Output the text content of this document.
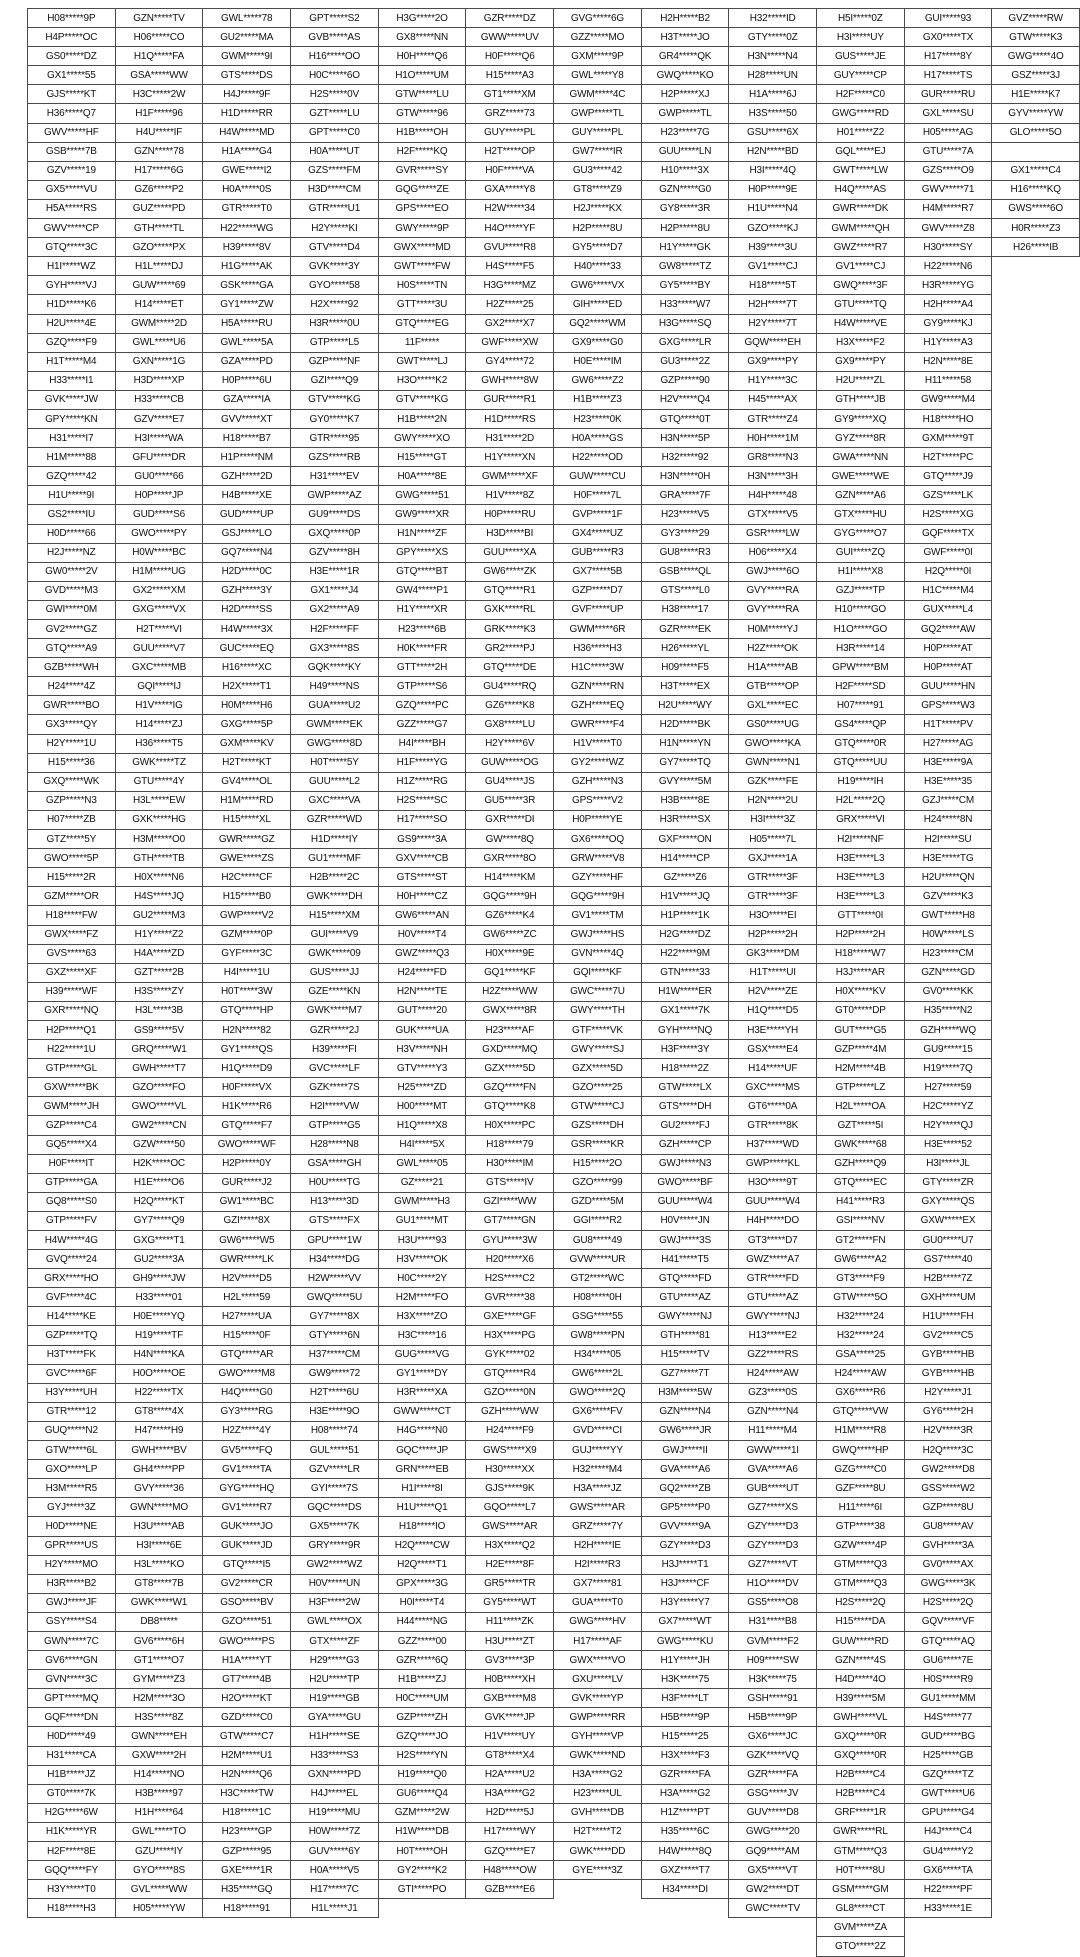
H08*****9P	GZN*****TV	GWL*****78	GPT*****S2	H3G*****2O	GZR*****DZ	GVG*****6G	H2H*****B2	H32*****ID	H5I*****0Z	GUI*****93	GVZ*****RW
H4P*****OC	H06*****CO	GU2*****MA	GVB*****AS	GX8*****NN	GWW*****UV	GZZ*****MO	H3T*****JO	GTY*****0Z	H3I*****UY	GX0*****TX	GTW*****K3
GS0*****DZ	H1Q*****FA	GWM*****9I	H16*****OO	H0H*****Q6	H0F*****Q6	GXM*****9P	GR4*****QK	H3N*****N4	GUS*****JE	H17*****8Y	GWG*****4O
GX1*****55	GSA*****WW	GTS*****DS	H0C*****6O	H1O*****UM	H15*****A3	GWL*****Y8	GWQ*****KO	H28*****UN	GUY*****CP	H17*****TS	GSZ*****3J
GJS*****KT	H3C*****2W	H4J*****9F	H2S*****0V	GTW*****LU	GT1*****XM	GWM*****4C	H2P*****XJ	H1A*****6J	H2F*****C0	GUR*****RU	H1E*****K7
H36*****Q7	H1F*****96	H1D*****RR	GZT*****LU	GTW*****96	GRZ*****73	GWP*****TL	GWP*****TL	H3S*****50	GWG*****RD	GXL*****SU	GYV*****YW
GWV*****HF	H4U*****IF	H4W*****MD	GPT*****C0	H1B*****OH	GUY*****PL	GUY*****PL	H23*****7G	GSU*****6X	H01*****Z2	H05*****AG	GLO*****5O
GSB*****7B	GZN*****78	H1A*****G4	H0A*****UT	H2F*****KQ	H2T*****OP	GW7*****IR	GUU*****LN	H2N*****BD	GQL*****EJ	GTU*****7A	
GZV*****19	H17*****6G	GWE*****I2	GZS*****FM	GVR*****SY	H0F*****VA	GU3*****42	H10*****3X	H3I*****4Q	GWT*****LW	GZS*****O9	GX1*****C4
GX5*****VU	GZ6*****P2	H0A*****0S	H3D*****CM	GQG*****ZE	GXA*****Y8	GT8*****Z9	GZN*****G0	H0P*****9E	H4Q*****AS	GWV*****71	H16*****KQ
H5A*****RS	GUZ*****PD	GTR*****T0	GTR*****U1	GPS*****EO	H2W*****34	H2J*****KX	GY8*****3R	H1U*****N4	GWR*****DK	H4M*****R7	GWS*****6O
GWV*****CP	GTH*****TL	H22*****WG	H2Y*****KI	GWY*****9P	H4O*****YF	H2P*****8U	H2P*****8U	GZO*****KJ	GWM*****QH	GWV*****Z8	H0R*****Z3
GTQ*****3C	GZO*****PX	H39*****8V	GTV*****D4	GWX*****MD	GVU*****R8	GY5*****D7	H1Y*****GK	H39*****3U	GWZ*****R7	H30*****SY	H26*****IB
H1I*****WZ	H1L*****DJ	H1G*****AK	GVK*****3Y	GWT*****FW	H4S*****F5	H40*****33	GW8*****TZ	GV1*****CJ	GV1*****CJ	H22*****N6	
GYH*****VJ	GUW*****69	GSK*****GA	GYO*****58	H0S*****TN	H3G*****MZ	GW6*****VX	GY5*****BY	H18*****5T	GWQ*****3F	H3R*****YG	
H1D*****K6	H14*****ET	GY1*****ZW	H2X*****92	GTT*****3U	H2Z*****25	GIH*****ED	H33*****W7	H2H*****7T	GTU*****TQ	H2H*****A4	
H2U*****4E	GWM*****2D	H5A*****RU	H3R*****0U	GTQ*****EG	GX2*****X7	GQ2*****WM	H3G*****SQ	H2Y*****7T	H4W*****VE	GY9*****KJ	
GZQ*****F9	GWL*****U6	GWL*****5A	GTP*****L5	11F*****	GWF*****XW	GX9*****G0	GXG*****LR	GQW*****EH	H3X*****F2	H1Y*****A3	
H1T*****M4	GXN*****1G	GZA*****PD	GZP*****NF	GWT*****LJ	GY4*****72	H0E*****IM	GU3*****2Z	GX9*****PY	GX9*****PY	H2N*****8E	
H33*****I1	H3D*****XP	H0P*****6U	GZI*****Q9	H3O*****K2	GWH*****8W	GW6*****Z2	GZP*****90	H1Y*****3C	H2U*****ZL	H11*****58	
GVK*****JW	H33*****CB	GZA*****IA	GTV*****KG	GTV*****KG	GUR*****R1	H1B*****Z3	H2V*****Q4	H45*****AX	GTH*****JB	GW9*****M4	
GPY*****KN	GZV*****E7	GVV*****XT	GY0*****K7	H1B*****2N	H1D*****RS	H23*****0K	GTQ*****0T	GTR*****Z4	GY9*****XQ	H18*****HO	
H31*****I7	H3I*****WA	H18*****B7	GTR*****95	GWY*****XO	H31*****2D	H0A*****GS	H3N*****5P	H0H*****1M	GYZ*****8R	GXM*****9T	
H1M*****88	GFU*****DR	H1P*****NM	GZS*****RB	H15*****GT	H1Y*****XN	H22*****OD	H32*****92	GR8*****N3	GWA*****NN	H2T*****PC	
GZQ*****42	GU0*****66	GZH*****2D	H31*****EV	H0A*****8E	GWM*****XF	GUW*****CU	H3N*****0H	H3N*****3H	GWE*****WE	GTQ*****J9	
H1U*****9I	H0P*****JP	H4B*****XE	GWP*****AZ	GWG*****51	H1V*****8Z	H0F*****7L	GRA*****7F	H4H*****48	GZN*****A6	GZS*****LK	
GS2*****IU	GUD*****S6	GUD*****UP	GU9*****DS	GW9*****XR	H0P*****RU	GVP*****1F	H23*****V5	GTX*****V5	GTX*****HU	H2S*****XG	
H0D*****66	GWO*****PY	GSJ*****LO	GXQ*****0P	H1N*****ZF	H3D*****BI	GX4*****UZ	GY3*****29	GSR*****LW	GYG*****O7	GQF*****TX	
H2J*****NZ	H0W*****BC	GQ7*****N4	GZV*****8H	GPY*****XS	GUU*****XA	GUB*****R3	GU8*****R3	H06*****X4	GUI*****ZQ	GWF*****0I	
GW0*****2V	H1M*****UG	H2D*****0C	H3E*****1R	GTQ*****BT	GW6*****ZK	GX7*****5B	GSB*****QL	GWJ*****6O	H1I*****X8	H2Q*****0I	
GVD*****M3	GX2*****XM	GZH*****3Y	GX1*****J4	GW4*****P1	GTQ*****R1	GZP*****D7	GTS*****L0	GVY*****RA	GZJ*****TP	H1C*****M4	
GWI*****0M	GXG*****VX	H2D*****SS	GX2*****A9	H1Y*****XR	GXK*****RL	GVF*****UP	H38*****17	GVY*****RA	H10*****GO	GUX*****L4	
GV2*****GZ	H2T*****VI	H4W*****3X	H2F*****FF	H23*****6B	GRK*****K3	GWM*****6R	GZR*****EK	H0M*****YJ	H1O*****GO	GQ2*****AW	
GTQ*****A9	GUU*****V7	GUC*****EQ	GX3*****8S	H0K*****FR	GR2*****PJ	H36*****H3	H26*****YL	H2Z*****OK	H3R*****14	H0P*****AT	
GZB*****WH	GXC*****MB	H16*****XC	GQK*****KY	GTT*****2H	GTQ*****DE	H1C*****3W	H09*****F5	H1A*****AB	GPW*****BM	H0P*****AT	
H24*****4Z	GQI*****IJ	H2X*****T1	H49*****NS	GTP*****S6	GU4*****RQ	GZN*****RN	H3T*****EX	GTB*****OP	H2F*****SD	GUU*****HN	
GWR*****BO	H1V*****IG	H0M*****H6	GUA*****U2	GZQ*****PC	GZ6*****K8	GZH*****EQ	H2U*****WY	GXL*****EC	H07*****91	GPS*****W3	
GX3*****QY	H14*****ZJ	GXG*****5P	GWM*****EK	GZZ*****G7	GX8*****LU	GWR*****F4	H2D*****BK	GS0*****UG	GS4*****QP	H1T*****PV	
H2Y*****1U	H36*****T5	GXM*****KV	GWG*****8D	H4I*****BH	H2Y*****6V	H1V*****T0	H1N*****YN	GWO*****KA	GTQ*****0R	H27*****AG	
H15*****36	GWK*****TZ	H2T*****KT	H0T*****5Y	H1F*****YG	GUW*****OG	GY2*****WZ	GY7*****TQ	GWN*****N1	GTQ*****UU	H3E*****9A	
GXQ*****WK	GTU*****4Y	GV4*****OL	GUU*****L2	H1Z*****RG	GU4*****JS	GZH*****N3	GVY*****5M	GZK*****FE	H19*****IH	H3E*****35	
GZP*****N3	H3L*****EW	H1M*****RD	GXC*****VA	H2S*****SC	GU5*****3R	GPS*****V2	H3B*****8E	H2N*****2U	H2L*****2Q	GZJ*****CM	
H07*****ZB	GXK*****HG	H15*****XL	GZR*****WD	H17*****SO	GXR*****DI	H0P*****YE	H3R*****SX	H3I*****3Z	GRX*****VI	H24*****8N	
GTZ*****5Y	H3M*****O0	GWR*****GZ	H1D*****IY	GS9*****3A	GW*****8Q	GX6*****OQ	GXF*****ON	H05*****7L	H2I*****NF	H2I*****SU	
GWO*****5P	GTH*****TB	GWE*****ZS	GU1*****MF	GXV*****CB	GXR*****8O	GRW*****V8	H14*****CP	GXJ*****1A	H3E*****L3	H3E*****TG	
H15*****2R	H0X*****N6	H2C*****CF	H2B*****2C	GTS*****ST	H14*****KM	GZY*****HF	GZ*****Z6	GTR*****3F	H3E*****L3	H2U*****QN	
GZM*****OR	H4S*****JQ	H15*****B0	GWK*****DH	H0H*****CZ	GQG*****9H	GQG*****9H	H1V*****JQ	GTR*****3F	H3E*****L3	GZV*****K3	
H18*****FW	GU2*****M3	GWP*****V2	H15*****XM	GW6*****AN	GZ6*****K4	GV1*****TM	H1P*****1K	H3O*****EI	GTT*****0I	GWT*****H8	
GWX*****FZ	H1Y*****Z2	GZM*****0P	GUI*****V9	H0V*****T4	GW6*****ZC	GWJ*****HS	H2G*****DZ	H2P*****2H	H2P*****2H	H0W*****LS	
GVS*****63	H4A*****ZD	GYF*****3C	GWK*****09	GWZ*****Q3	H0X*****9E	GVN*****4Q	H22*****9M	GK3*****DM	H18*****W7	H23*****CM	
GXZ*****XF	GZT*****2B	H4I*****1U	GUS*****JJ	H24*****FD	GQ1*****KF	GQI*****KF	GTN*****33	H1T*****UI	H3J*****AR	GZN*****GD	
H39*****WF	H3S*****ZY	H0T*****3W	GZE*****KN	H2N*****TE	H2Z*****WW	GWC*****7U	H1W*****ER	H2V*****ZE	H0X*****KV	GV0*****KK	
GXR*****NQ	H3L*****3B	GTQ*****HP	GWK*****M7	GUT*****20	GWX*****8R	GWY*****TH	GX1*****7K	H1Q*****D5	GT0*****DP	H35*****N2	
H2P*****Q1	GS9*****5V	H2N*****82	GZR*****2J	GUK*****UA	H23*****AF	GTF*****VK	GYH*****NQ	H3E*****YH	GUT*****G5	GZH*****WQ	
H22*****1U	GRQ*****W1	GY1*****QS	H39*****FI	H3V*****NH	GXD*****MQ	GWY*****SJ	H3F*****3Y	GSX*****E4	GZP*****4M	GU9*****15	
GTP*****GL	GWH*****T7	H1Q*****D9	GVC*****LF	GTV*****Y3	GZX*****5D	GZX*****5D	H18*****2Z	H14*****UF	H2M*****4B	H19*****7Q	
GXW*****BK	GZO*****FO	H0F*****VX	GZK*****7S	H25*****ZD	GZQ*****FN	GZO*****25	GTW*****LX	GXC*****MS	GTP*****LZ	H27*****59	
GWM*****JH	GWO*****VL	H1K*****R6	H2I*****VW	H00*****MT	GTQ*****K8	GTW*****CJ	GTS*****DH	GT6*****0A	H2L*****OA	H2C*****YZ	
GZP*****C4	GW2*****CN	GTQ*****F7	GTP*****G5	H1Q*****X8	H0X*****PC	GZS*****DH	GU2*****FJ	GTR*****8K	GZT*****5I	H2Y*****QJ	
GQ5*****X4	GZW*****50	GWO*****WF	H28*****N8	H4I*****5X	H18*****79	GSR*****KR	GZH*****CP	H37*****WD	GWK*****68	H3E*****52	
H0F*****IT	H2K*****OC	H2P*****0Y	GSA*****GH	GWL*****05	H30*****IM	H15*****2O	GWJ*****N3	GWP*****KL	GZH*****Q9	H3I*****JL	
GTP*****GA	H1E*****O6	GUR*****J2	H0U*****TG	GZ*****21	GTS*****IV	GZO*****99	GWO*****BF	H3O*****9T	GTQ*****EC	GTY*****ZR	
GQ8*****S0	H2Q*****KT	GW1*****BC	H13*****3D	GWM*****H3	GZI*****WW	GZD*****5M	GUU*****W4	GUU*****W4	H41*****R3	GXY*****QS	
GTP*****FV	GY7*****Q9	GZI*****8X	GTS*****FX	GU1*****MT	GT7*****GN	GGI*****R2	H0V*****JN	H4H*****DO	GSI*****NV	GXW*****EX	
H4W*****4G	GXG*****T1	GW6*****W5	GPU*****1W	H3U*****93	GYU*****3W	GU8*****49	GWJ*****3S	GT3*****D7	GT2*****FN	GU0*****U7	
GVQ*****24	GU2*****3A	GWR*****LK	H34*****DG	H3V*****OK	H20*****X6	GVW*****UR	H41*****T5	GWZ*****A7	GW6*****A2	GS7*****40	
GRX*****HO	GH9*****JW	H2V*****D5	H2W*****VV	H0C*****2Y	H2S*****C2	GT2*****WC	GTQ*****FD	GTR*****FD	GT3*****F9	H2B*****7Z	
GVF*****4C	H33*****01	H2L*****59	GWQ*****5U	H2M*****FO	GVR*****38	H08*****0H	GTU*****AZ	GTU*****AZ	GTW*****5O	GXH*****UM	
H14*****KE	H0E*****YQ	H27*****UA	GY7*****8X	H3X*****ZO	GXE*****GF	GSG*****55	GWY*****NJ	GWY*****NJ	H32*****24	H1U*****FH	
GZP*****TQ	H19*****TF	H15*****0F	GTY*****6N	H3C*****16	H3X*****PG	GW8*****PN	GTH*****81	H13*****E2	H32*****24	GV2*****C5	
H3T*****FK	H4N*****KA	GTQ*****AR	H37*****CM	GUG*****VG	GYK*****02	H34*****05	H15*****TV	GZ2*****RS	GSA*****25	GYB*****HB	
GVC*****6F	H0O*****OE	GWO*****M8	GW9*****72	GY1*****DY	GTQ*****R4	GW6*****2L	GZ7*****7T	H24*****AW	H24*****AW	GYB*****HB	
H3Y*****UH	H22*****TX	H4Q*****G0	H2T*****6U	H3R*****XA	GZO*****0N	GWO*****2Q	H3M*****5W	GZ3*****0S	GX6*****R6	H2Y*****J1	
GTR*****12	GT8*****4X	GY3*****RG	H3E*****9O	GWW*****CT	GZH*****WW	GX6*****FV	GZN*****N4	GZN*****N4	GTQ*****VW	GY6*****2H	
GUQ*****N2	H47*****H9	H2Z*****4Y	H08*****74	H4G*****N0	H24*****F9	GVD*****CI	GW6*****JR	H11*****M4	H1M*****R8	H2V*****3R	
GTW*****6L	GWH*****BV	GV5*****FQ	GUL*****51	GQC*****JP	GWS*****X9	GUJ*****YY	GWJ*****II	GWW*****1I	GWQ*****HP	H2Q*****3C	
GXO*****LP	GH4*****PP	GV1*****TA	GZV*****LR	GRN*****EB	H30*****XX	H32*****M4	GVA*****A6	GVA*****A6	GZG*****C0	GW2*****D8	
H3M*****R5	GVY*****36	GYG*****HQ	GYI*****7S	H1I*****8I	GJS*****9K	H3A*****JZ	GQ2*****ZB	GUB*****UT	GZF*****8U	GSS*****W2	
GYJ*****3Z	GWN*****MO	GV1*****R7	GQC*****DS	H1U*****Q1	GQO*****L7	GWS*****AR	GP5*****P0	GZ7*****XS	H11*****6I	GZP*****8U	
H0D*****NE	H3U*****AB	GUK*****JO	GX5*****7K	H18*****IO	GWS*****AR	GRZ*****7Y	GVV*****9A	GZY*****D3	GTP*****38	GU8*****AV	
GPR*****US	H3I*****6E	GUK*****JD	GRY*****9R	H2Q*****CW	H3X*****Q2	H2H*****IE	GZY*****D3	GZY*****D3	GZW*****4P	GVH*****3A	
H2Y*****MO	H3L*****KO	GTQ*****I5	GW2*****WZ	H2Q*****T1	H2E*****8F	H2I*****R3	H3J*****T1	GZ7*****VT	GTM*****Q3	GV0*****AX	
H3R*****B2	GT8*****7B	GV2*****CR	H0V*****UN	GPX*****3G	GR5*****TR	GX7*****81	H3J*****CF	H1O*****DV	GTM*****Q3	GWG*****3K	
GWJ*****JF	GWK*****W1	GSO*****BV	H3F*****2W	H0I*****T4	GY5*****WT	GUA*****T0	H3Y*****Y7	GS5*****O8	H2S*****2Q	H2S*****2Q	
GSY*****S4	DB8*****	GZO*****51	GWL*****OX	H44*****NG	H11*****ZK	GWG*****HV	GX7*****WT	H31*****B8	H15*****DA	GQV*****VF	
GWN*****7C	GV6*****6H	GWO*****PS	GTX*****ZF	GZZ*****00	H3U*****ZT	H17*****AF	GWG*****KU	GVM*****F2	GUW*****RD	GTQ*****AQ	
GV6*****GN	GT1*****O7	H1A*****YT	H29*****G3	GZR*****6Q	GV3*****3P	GWX*****VO	H1Y*****JH	H09*****SW	GZN*****4S	GU6*****7E	
GVN*****3C	GYM*****Z3	GT7*****4B	H2U*****TP	H1B*****ZJ	H0B*****XH	GXU*****LV	H3K*****75	H3K*****75	H4D*****4O	H0S*****R9	
GPT*****MQ	H2M*****3O	H2O*****KT	H19*****GB	H0C*****UM	GXB*****M8	GVK*****YP	H3F*****LT	GSH*****91	H39*****5M	GU1*****MM	
GQF*****DN	H3S*****8Z	GZD*****C0	GYA*****GU	GZP*****ZH	GVK*****JP	GWP*****RR	H5B*****9P	H5B*****9P	GWH*****VL	H4S*****77	
H0D*****49	GWN*****EH	GTW*****C7	H1H*****SE	GZQ*****JO	H1V*****UY	GYH*****VP	H15*****25	GX6*****JC	GXQ*****0R	GUD*****BG	
H31*****CA	GXW*****2H	H2M*****U1	H33*****S3	H2S*****YN	GT8*****X4	GWK*****ND	H3X*****F3	GZK*****VQ	GXQ*****0R	H25*****GB	
H1B*****JZ	H14*****NO	H2N*****Q6	GXN*****PD	H19*****Q0	H2A*****U2	H3A*****G2	GZR*****FA	GZR*****FA	H2B*****C4	GZQ*****TZ	
GT0*****7K	H3B*****97	H3C*****TW	H4J*****EL	GU6*****Q4	H3A*****G2	H23*****UL	H3A*****G2	GSG*****JV	H2B*****C4	GWT*****U6	
H2G*****6W	H1H*****64	H18*****1C	H19*****MU	GZM*****2W	H2D*****5J	GVH*****DB	H1Z*****PT	GUV*****D8	GRF*****1R	GPU*****G4	
H1K*****YR	GWL*****TO	H23*****GP	H0W*****7Z	H1W*****DB	H17*****WY	H2T*****T2	H35*****6C	GWG*****20	GWR*****RL	H4J*****C4	
H2F*****8E	GZU*****IY	GZP*****95	GUV*****6Y	H0T*****OH	GZQ*****E7	GWK*****DD	H4W*****8Q	GQ9*****AM	GTM*****Q3	GU4*****Y2	
GQQ*****FY	GYO*****8S	GXE*****1R	H0A*****V5	GY2*****K2	H48*****OW	GYE*****3Z	GXZ*****T7	GX5*****VT	H0T*****8U	GX6*****TA	
H3Y*****T0	GVL*****WW	H35*****GQ	H17*****7C	GTI*****PO	GZB*****E6		H34*****DI	GW2*****DT	GSM*****GM	H22*****PF	
H18*****H3	H05*****YW	H18*****91	H1L*****J1					GWC*****TV	GL8*****CT	H33*****1E	
									GVM*****ZA		
									GTO*****2Z		
